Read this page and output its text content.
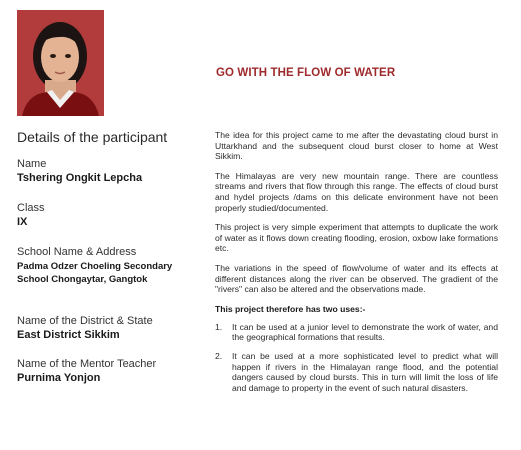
Details of the participant
Name
Tshering Ongkit Lepcha
Class
IX
School Name & Address
Padma Odzer Choeling Secondary
School Chongaytar, Gangtok
Name of the District & State
East District Sikkim
Name of the Mentor Teacher
Purnima Yonjon
GO WITH THE FLOW OF WATER

The idea for this project came to me after the devastating cloud burst in Uttarkhand and the subsequent cloud burst closer to home at West Sikkim.

The Himalayas are very new mountain range. There are countless streams and rivers that flow through this range. The effects of cloud burst and hydel projects /dams on this delicate environment have not been properly studied/documented.

This project is very simple experiment that attempts to duplicate the work of water as it flows down creating flooding, erosion, oxbow lake formations etc.

The variations in the speed of flow/volume of water and its effects at different distances along the river can be observed. The gradient of the "rivers" can also be altered and the observations made.

This project therefore has two uses:-
1. It can be used at a junior level to demonstrate the work of water, and the geographical formations that results.
2. It can be used at a more sophisticated level to predict what will happen if rivers in the Himalayan range flood, and the potential dangers caused by cloud bursts. This in turn will limit the loss of life and damage to property in the event of such natural disasters.
